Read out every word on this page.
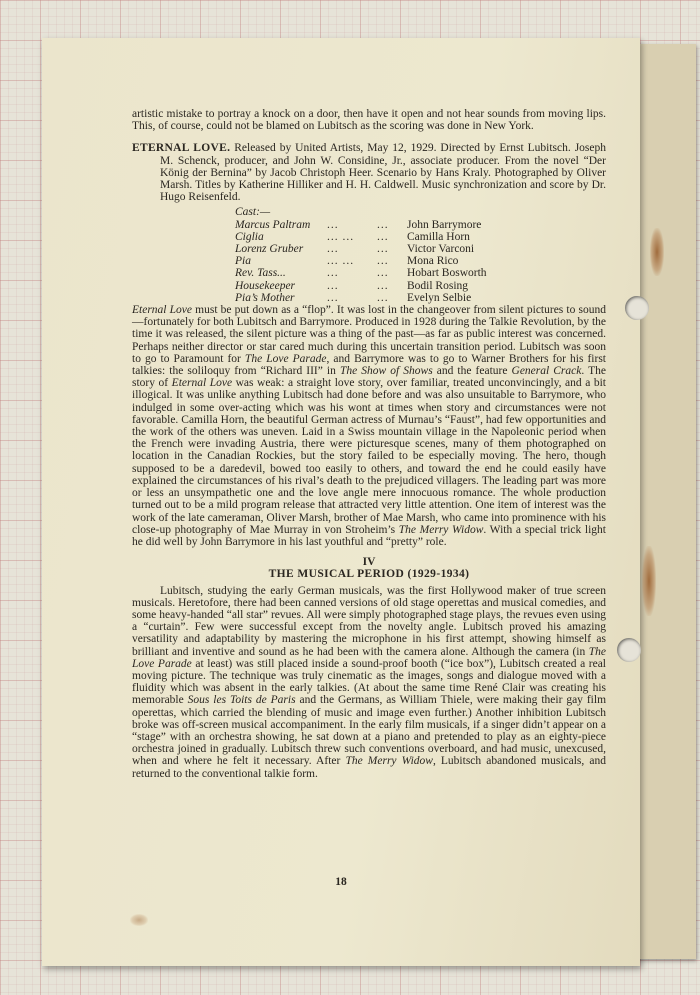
artistic mistake to portray a knock on a door, then have it open and not hear sounds from moving lips. This, of course, could not be blamed on Lubitsch as the scoring was done in New York.

ETERNAL LOVE. Released by United Artists, May 12, 1929. Directed by Ernst Lubitsch. Joseph M. Schenck, producer, and John W. Considine, Jr., associate producer. From the novel “Der König der Bernina” by Jacob Christoph Heer. Scenario by Hans Kraly. Photographed by Oliver Marsh. Titles by Katherine Hilliker and H. H. Caldwell. Music synchronization and score by Dr. Hugo Reisenfeld.

Cast:—
Marcus Paltram	...	...	John Barrymore
Ciglia	... ...	...	Camilla Horn
Lorenz Gruber	...	...	Victor Varconi
Pia	... ...	...	Mona Rico
Rev. Tass...	...	...	Hobart Bosworth
Housekeeper	...	...	Bodil Rosing
Pia’s Mother	...	...	Evelyn Selbie

Eternal Love must be put down as a “flop”. It was lost in the changeover from silent pictures to sound—fortunately for both Lubitsch and Barrymore. Produced in 1928 during the Talkie Revolution, by the time it was released, the silent picture was a thing of the past—as far as public interest was concerned. Perhaps neither director or star cared much during this uncertain transition period. Lubitsch was soon to go to Paramount for The Love Parade, and Barrymore was to go to Warner Brothers for his first talkies: the soliloquy from “Richard III” in The Show of Shows and the feature General Crack. The story of Eternal Love was weak: a straight love story, over familiar, treated unconvincingly, and a bit illogical. It was unlike anything Lubitsch had done before and was also unsuitable to Barrymore, who indulged in some over-acting which was his wont at times when story and circumstances were not favorable. Camilla Horn, the beautiful German actress of Murnau’s “Faust”, had few opportunities and the work of the others was uneven. Laid in a Swiss mountain village in the Napoleonic period when the French were invading Austria, there were picturesque scenes, many of them photographed on location in the Canadian Rockies, but the story failed to be especially moving. The hero, though supposed to be a daredevil, bowed too easily to others, and toward the end he could easily have explained the circumstances of his rival’s death to the prejudiced villagers. The leading part was more or less an unsympathetic one and the love angle mere innocuous romance. The whole production turned out to be a mild program release that attracted very little attention. One item of interest was the work of the late cameraman, Oliver Marsh, brother of Mae Marsh, who came into prominence with his close-up photography of Mae Murray in von Stroheim’s The Merry Widow. With a special trick light he did well by John Barrymore in his last youthful and “pretty” role.

IV
THE MUSICAL PERIOD (1929-1934)

Lubitsch, studying the early German musicals, was the first Hollywood maker of true screen musicals. Heretofore, there had been canned versions of old stage operettas and musical comedies, and some heavy-handed “all star” revues. All were simply photographed stage plays, the revues even using a “curtain”. Few were successful except from the novelty angle. Lubitsch proved his amazing versatility and adaptability by mastering the microphone in his first attempt, showing himself as brilliant and inventive and sound as he had been with the camera alone. Although the camera (in The Love Parade at least) was still placed inside a sound-proof booth (“ice box”), Lubitsch created a real moving picture. The technique was truly cinematic as the images, songs and dialogue moved with a fluidity which was absent in the early talkies. (At about the same time René Clair was creating his memorable Sous les Toits de Paris and the Germans, as William Thiele, were making their gay film operettas, which carried the blending of music and image even further.) Another inhibition Lubitsch broke was off-screen musical accompaniment. In the early film musicals, if a singer didn’t appear on a “stage” with an orchestra showing, he sat down at a piano and pretended to play as an eighty-piece orchestra joined in gradually. Lubitsch threw such conventions overboard, and had music, unexcused, when and where he felt it necessary. After The Merry Widow, Lubitsch abandoned musicals, and returned to the conventional talkie form.

18
